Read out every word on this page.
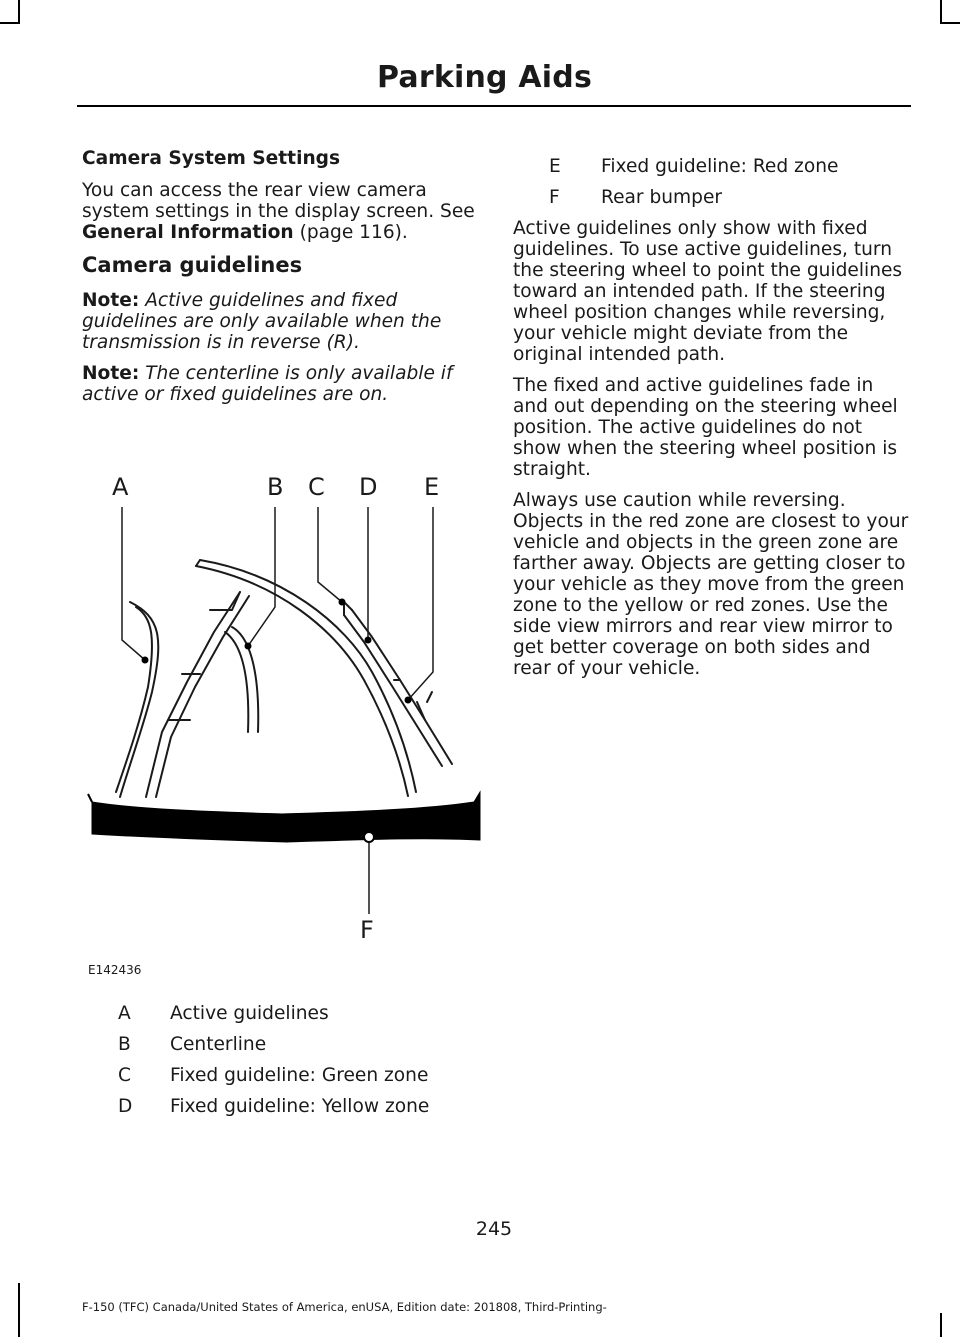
Parking Aids
Camera System Settings

You can access the rear view camera system settings in the display screen. See General Information (page 116).

Camera guidelines

Note: Active guidelines and fixed guidelines are only available when the transmission is in reverse (R).

Note: The centerline is only available if active or fixed guidelines are on.

A	B C D E
F
E142436
A	Active guidelines
B	Centerline
C	Fixed guideline: Green zone
D	Fixed guideline: Yellow zone
E	Fixed guideline: Red zone
F	Rear bumper

Active guidelines only show with fixed guidelines. To use active guidelines, turn the steering wheel to point the guidelines toward an intended path. If the steering wheel position changes while reversing, your vehicle might deviate from the original intended path.

The fixed and active guidelines fade in and out depending on the steering wheel position. The active guidelines do not show when the steering wheel position is straight.

Always use caution while reversing. Objects in the red zone are closest to your vehicle and objects in the green zone are farther away. Objects are getting closer to your vehicle as they move from the green zone to the yellow or red zones. Use the side view mirrors and rear view mirror to get better coverage on both sides and rear of your vehicle.

245
F-150 (TFC) Canada/United States of America, enUSA, Edition date: 201808, Third-Printing-
